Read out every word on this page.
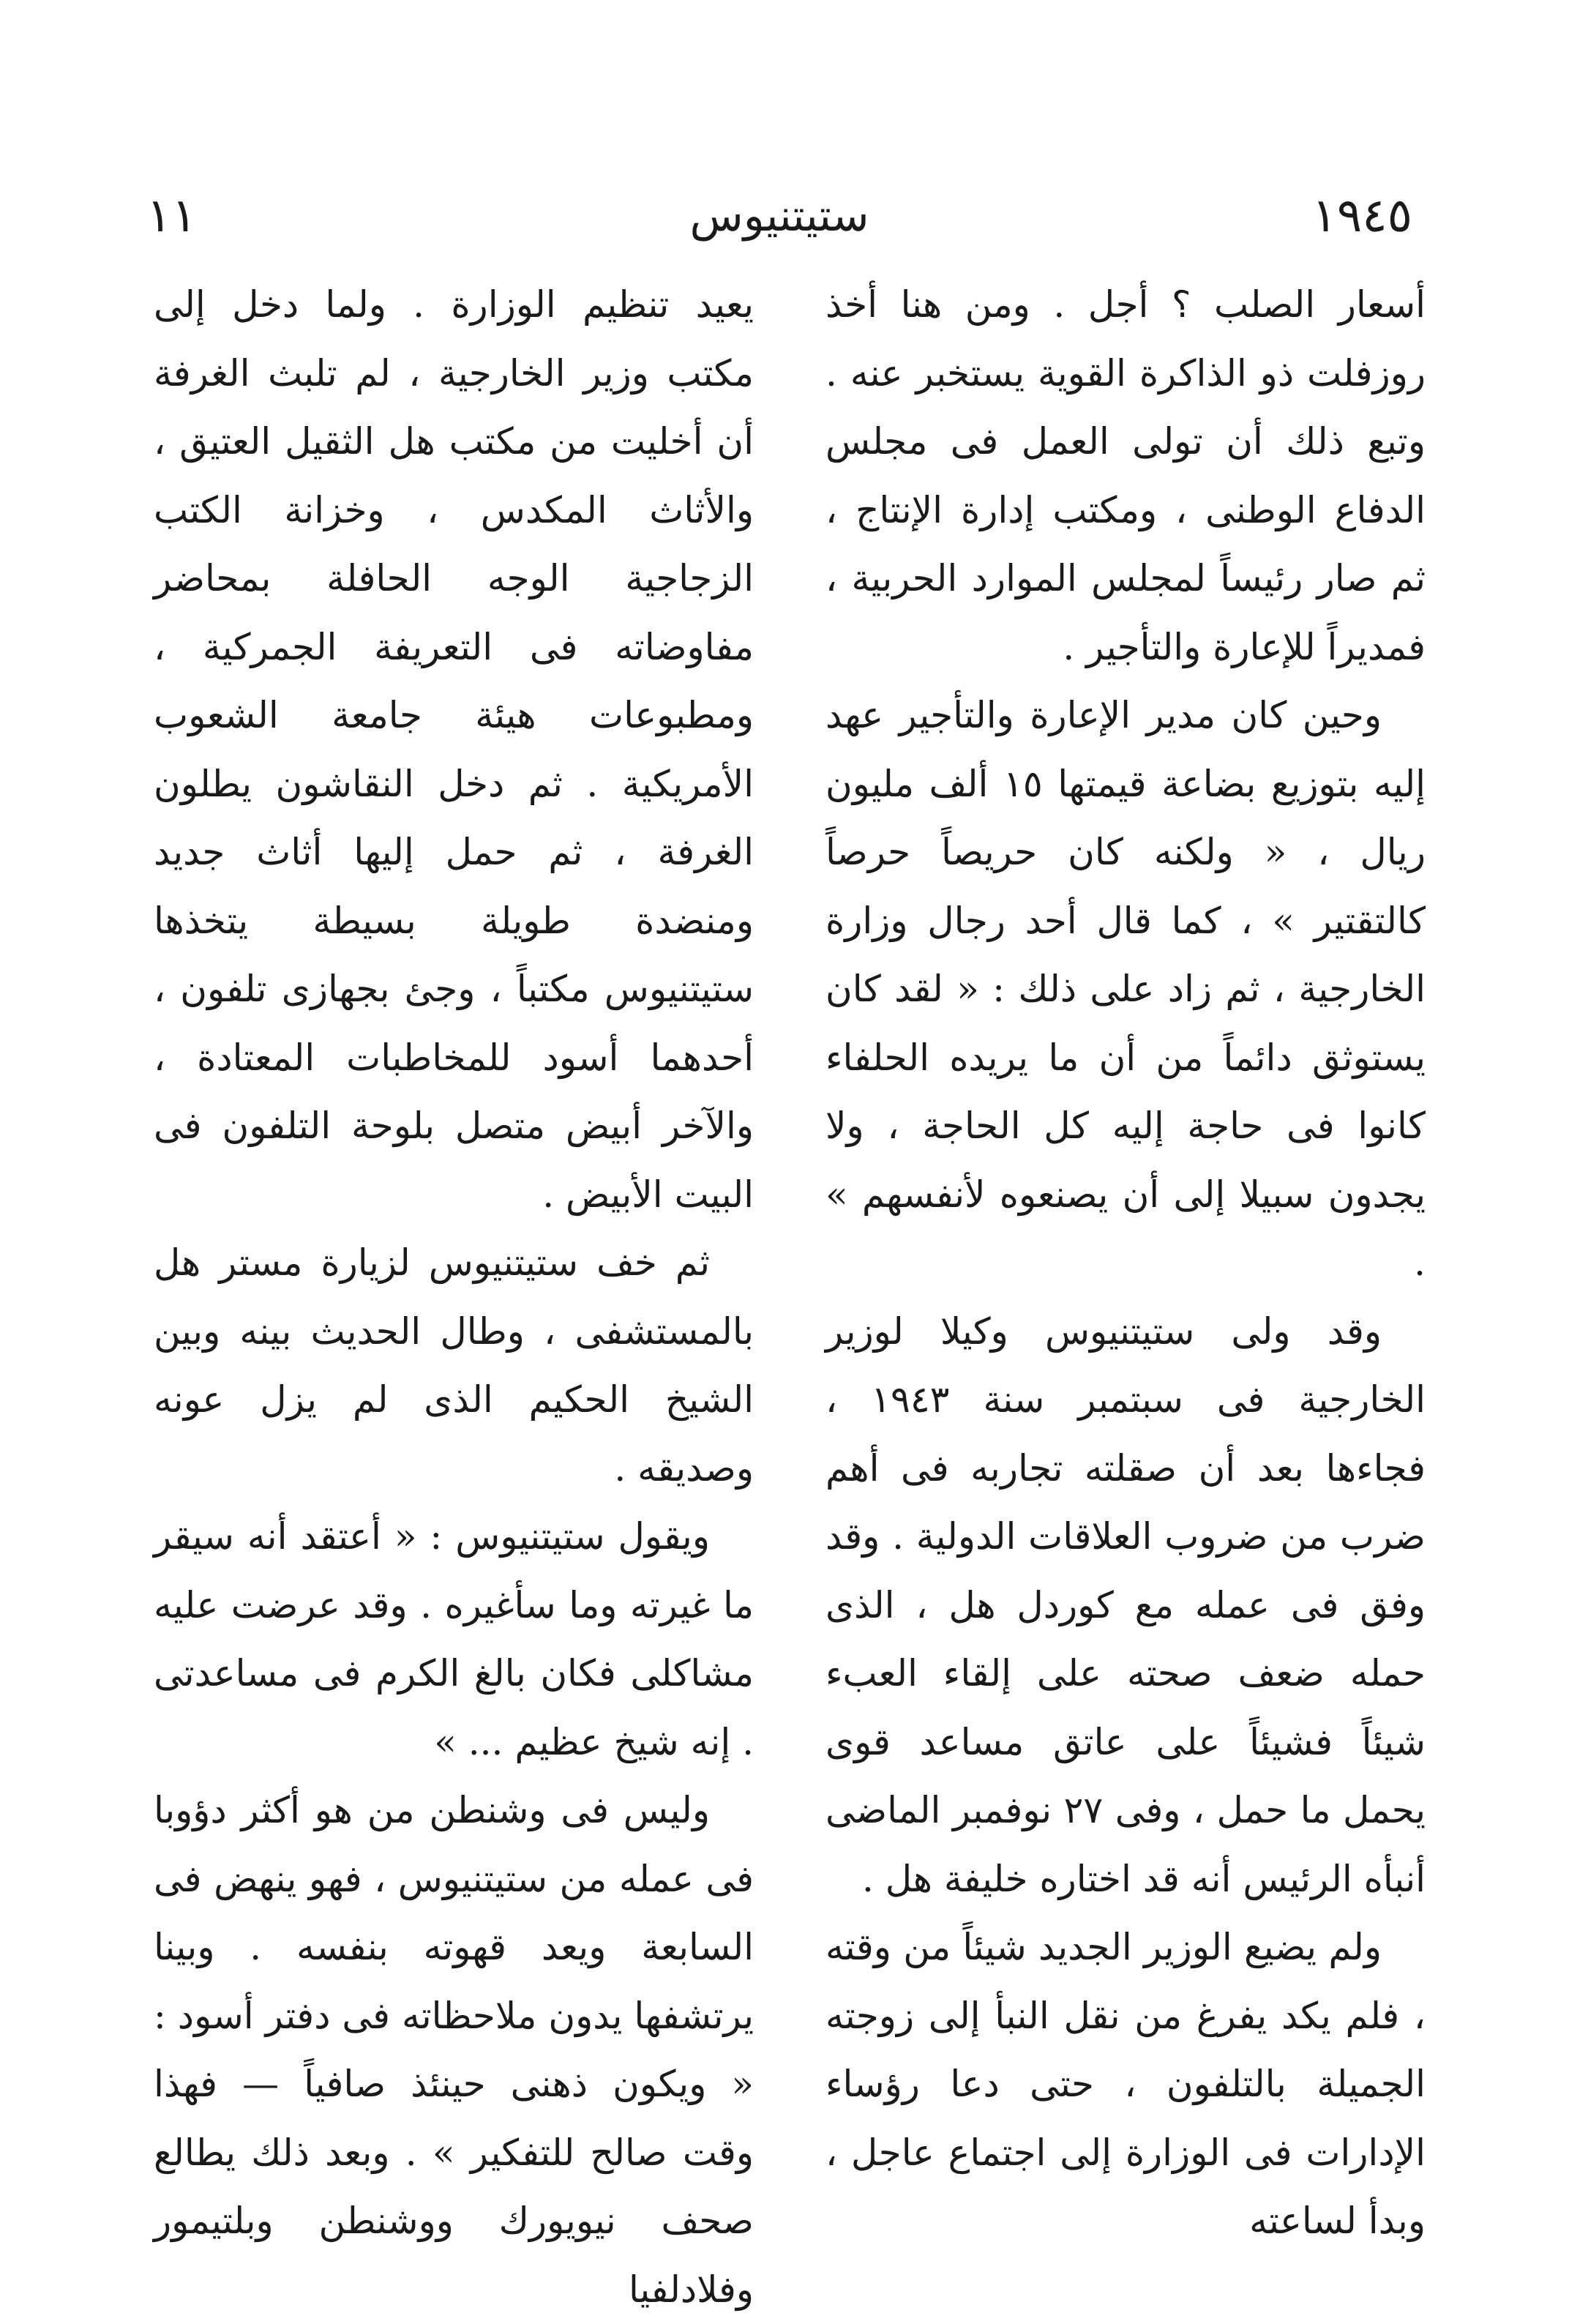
١١	ستيتنيوس	١٩٤٥

أسعار الصلب ؟ أجل . ومن هنا أخذ روزفلت ذو الذاكرة القوية يستخبر عنه . وتبع ذلك أن تولى العمل فى مجلس الدفاع الوطنى ، ومكتب إدارة الإنتاج ، ثم صار رئيساً لمجلس الموارد الحربية ، فمديراً للإعارة والتأجير .

وحين كان مدير الإعارة والتأجير عهد إليه بتوزيع بضاعة قيمتها ١٥ ألف مليون ريال ، « ولكنه كان حريصاً حرصاً كالتقتير » ، كما قال أحد رجال وزارة الخارجية ، ثم زاد على ذلك : « لقد كان يستوثق دائماً من أن ما يريده الحلفاء كانوا فى حاجة إليه كل الحاجة ، ولا يجدون سبيلا إلى أن يصنعوه لأنفسهم » .

وقد ولى ستيتنيوس وكيلا لوزير الخارجية فى سبتمبر سنة ١٩٤٣ ، فجاءها بعد أن صقلته تجاربه فى أهم ضرب من ضروب العلاقات الدولية . وقد وفق فى عمله مع كوردل هل ، الذى حمله ضعف صحته على إلقاء العبء شيئاً فشيئاً على عاتق مساعد قوى يحمل ما حمل ، وفى ٢٧ نوفمبر الماضى أنبأه الرئيس أنه قد اختاره خليفة هل .

ولم يضيع الوزير الجديد شيئاً من وقته ، فلم يكد يفرغ من نقل النبأ إلى زوجته الجميلة بالتلفون ، حتى دعا رؤساء الإدارات فى الوزارة إلى اجتماع عاجل ، وبدأ لساعته

يعيد تنظيم الوزارة . ولما دخل إلى مكتب وزير الخارجية ، لم تلبث الغرفة أن أخليت من مكتب هل الثقيل العتيق ، والأثاث المكدس ، وخزانة الكتب الزجاجية الوجه الحافلة بمحاضر مفاوضاته فى التعريفة الجمركية ، ومطبوعات هيئة جامعة الشعوب الأمريكية . ثم دخل النقاشون يطلون الغرفة ، ثم حمل إليها أثاث جديد ومنضدة طويلة بسيطة يتخذها ستيتنيوس مكتباً ، وجئ بجهازى تلفون ، أحدهما أسود للمخاطبات المعتادة ، والآخر أبيض متصل بلوحة التلفون فى البيت الأبيض .

ثم خف ستيتنيوس لزيارة مستر هل بالمستشفى ، وطال الحديث بينه وبين الشيخ الحكيم الذى لم يزل عونه وصديقه .

ويقول ستيتنيوس : « أعتقد أنه سيقر ما غيرته وما سأغيره . وقد عرضت عليه مشاكلى فكان بالغ الكرم فى مساعدتى . إنه شيخ عظيم ... »

وليس فى وشنطن من هو أكثر دؤوبا فى عمله من ستيتنيوس ، فهو ينهض فى السابعة ويعد قهوته بنفسه . وبينا يرتشفها يدون ملاحظاته فى دفتر أسود : « ويكون ذهنى حينئذ صافياً — فهذا وقت صالح للتفكير » . وبعد ذلك يطالع صحف نيويورك ووشنطن وبلتيمور وفلادلفيا
